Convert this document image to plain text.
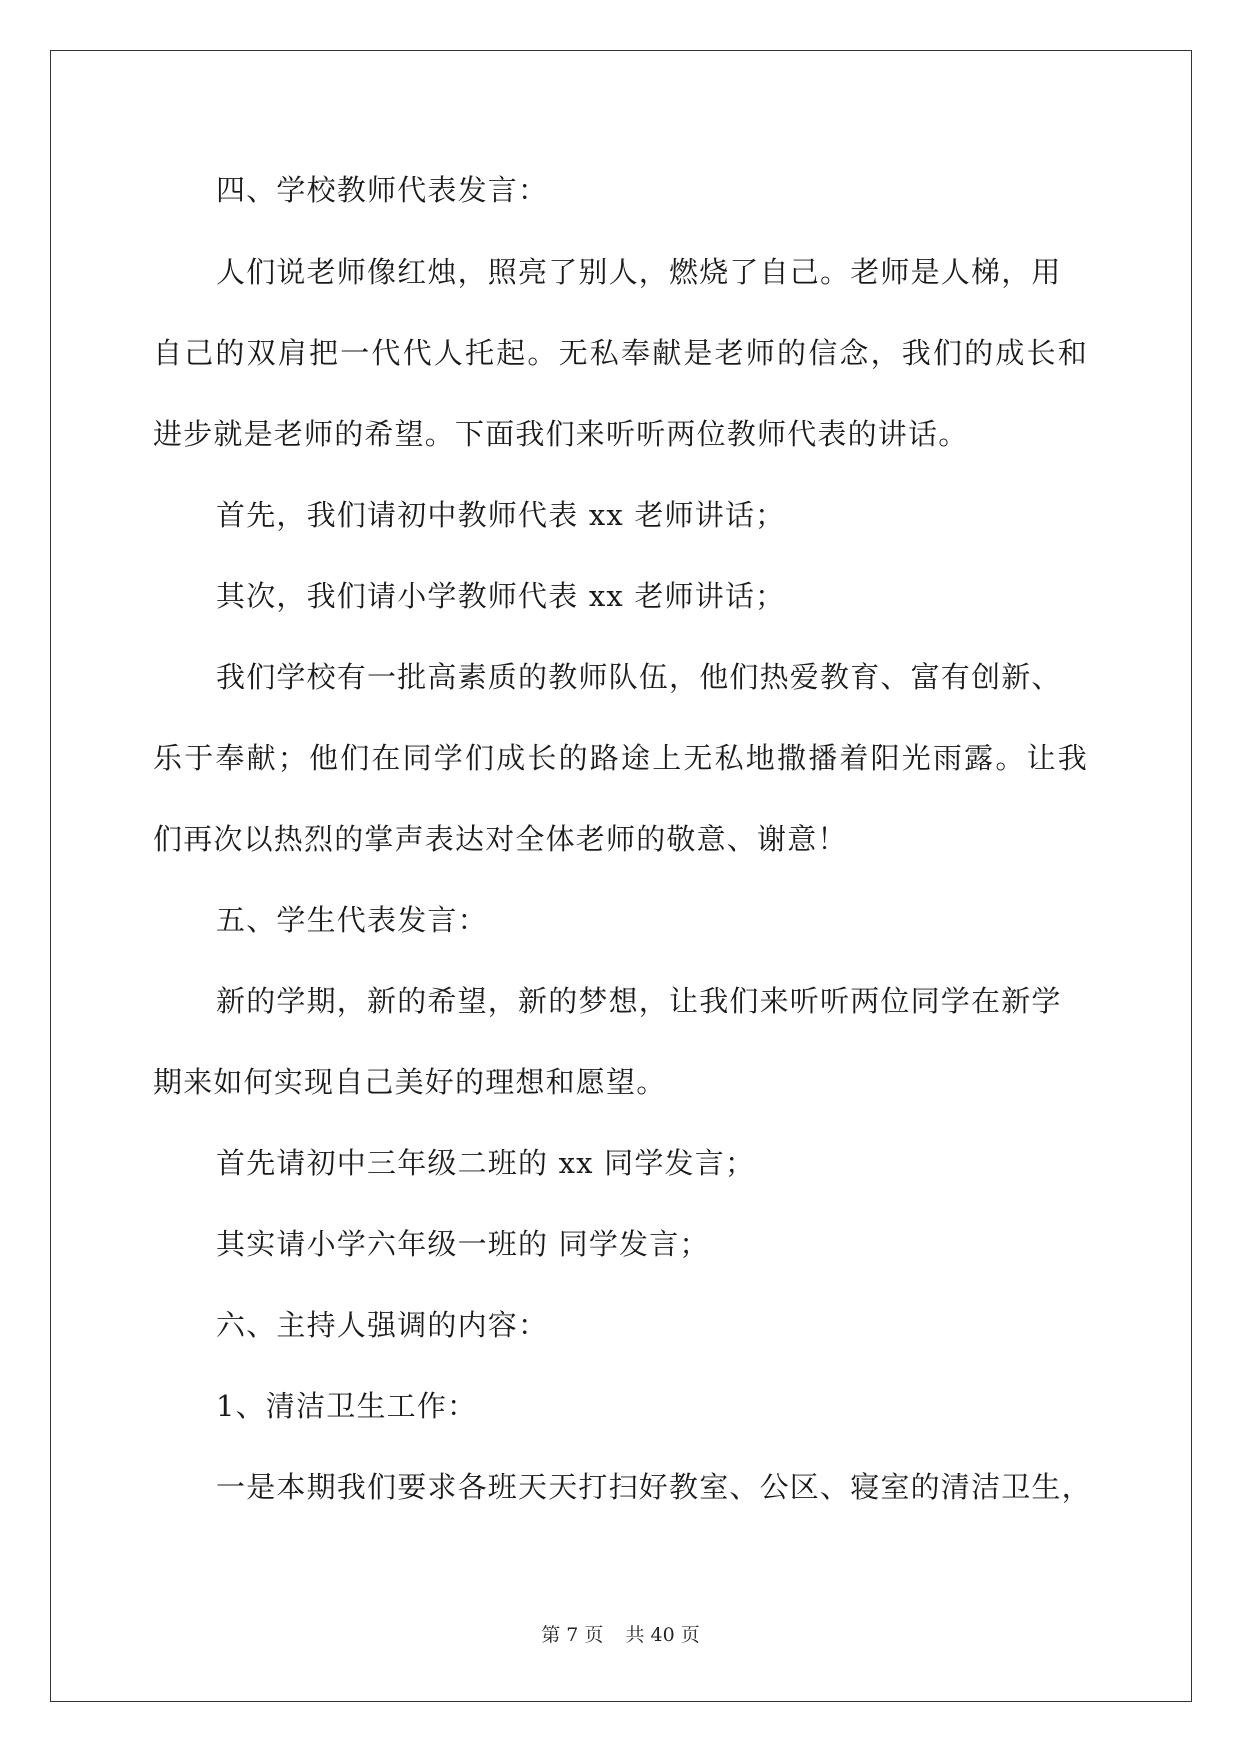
四、学校教师代表发言：
人们说老师像红烛，照亮了别人，燃烧了自己。老师是人梯，用
自己的双肩把一代代人托起。无私奉献是老师的信念，我们的成长和
进步就是老师的希望。下面我们来听听两位教师代表的讲话。
首先，我们请初中教师代表 xx 老师讲话；
其次，我们请小学教师代表 xx 老师讲话；
我们学校有一批高素质的教师队伍，他们热爱教育、富有创新、
乐于奉献；他们在同学们成长的路途上无私地撒播着阳光雨露。让我
们再次以热烈的掌声表达对全体老师的敬意、谢意！
五、学生代表发言：
新的学期，新的希望，新的梦想，让我们来听听两位同学在新学
期来如何实现自己美好的理想和愿望。
首先请初中三年级二班的 xx 同学发言；
其实请小学六年级一班的 同学发言；
六、主持人强调的内容：
1、清洁卫生工作：
一是本期我们要求各班天天打扫好教室、公区、寝室的清洁卫生，
第 7 页 共 40 页
